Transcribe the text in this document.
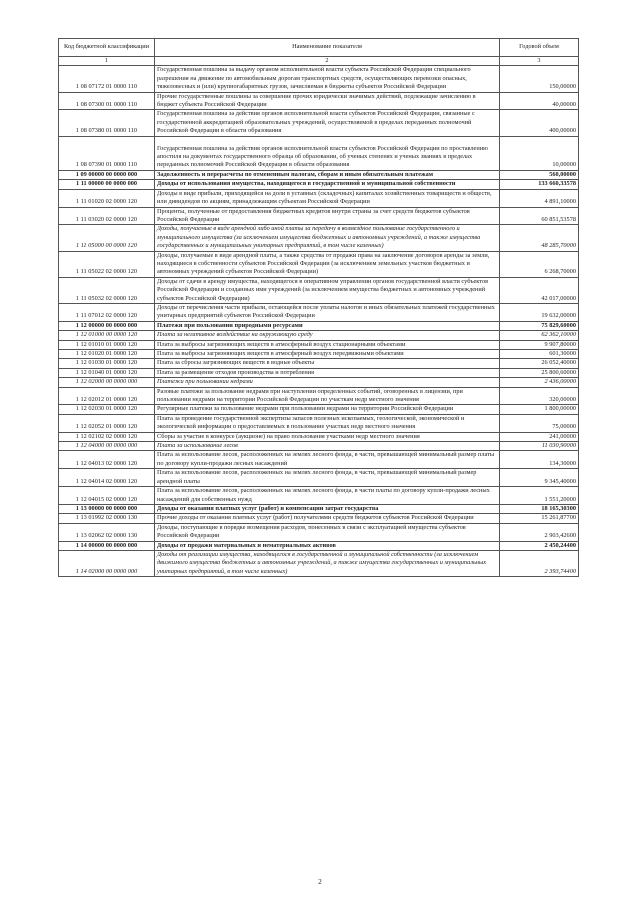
Код бюджетной классификации	Наименование показателя	Годовой объем
1	2	3
1 08 07172 01 0000 110	Государственная пошлина за выдачу органом исполнительной власти субъекта Российской Федерации специального разрешения на движение по автомобильным дорогам транспортных средств, осуществляющих перевозки опасных, тяжеловесных и (или) крупногабаритных грузов, зачисляемая в бюджеты субъектов Российской Федерации	150,00000
1 08 07300 01 0000 110	Прочие государственные пошлины за совершение прочих юридически значимых действий, подлежащие зачислению в бюджет субъекта Российской Федерации	40,00000
1 08 07380 01 0000 110	Государственная пошлина за действия органов исполнительной власти субъектов Российской Федерации, связанные с государственной аккредитацией образовательных учреждений, осуществляемой в пределах переданных полномочий Российской Федерации в области образования	400,00000
1 08 07390 01 0000 110	Государственная пошлина за действия органов исполнительной власти субъектов Российской Федерации по проставлению апостиля на документах государственного образца об образовании, об ученых степенях и ученых званиях в пределах переданных полномочий Российской Федерации в области образования	10,00000
1 09 00000 00 0000 000	Задолженность и перерасчеты по отмененным налогам, сборам и иным обязательным платежам	560,00000
1 11 00000 00 0000 000	Доходы от использования имущества, находящегося в государственной и муниципальной собственности	133 660,33578
1 11 01020 02 0000 120	Доходы в виде прибыли, приходящейся на доли в уставных (складочных) капиталах хозяйственных товариществ и обществ, или дивидендов по акциям, принадлежащим субъектам Российской Федерации	4 891,10000
1 11 03020 02 0000 120	Проценты, полученные от предоставления бюджетных кредитов внутри страны за счет средств бюджетов субъектов Российской Федерации	60 851,53578
1 11 05000 00 0000 120	Доходы, получаемые в виде арендной либо иной платы за передачу в возмездное пользование государственного и муниципального имущества (за исключением имущества бюджетных и автономных учреждений, а также имущества государственных и муниципальных унитарных предприятий, в том числе казенных)	48 285,70000
1 11 05022 02 0000 120	Доходы, получаемые в виде арендной платы, а также средства от продажи права на заключение договоров аренды за земли, находящиеся в собственности субъектов Российской Федерации (за исключением земельных участков бюджетных и автономных учреждений субъектов Российской Федерации)	6 268,70000
1 11 05032 02 0000 120	Доходы от сдачи в аренду имущества, находящегося в оперативном управлении органов государственной власти субъектов Российской Федерации и созданных ими учреждений (за исключением имущества бюджетных и автономных учреждений субъектов Российской Федерации)	42 017,00000
1 11 07012 02 0000 120	Доходы от перечисления части прибыли, остающейся после уплаты налогов и иных обязательных платежей государственных унитарных предприятий субъектов Российской Федерации	19 632,00000
1 12 00000 00 0000 000	Платежи при пользовании природными ресурсами	75 829,60000
1 12 01000 00 0000 120	Плата за негативное воздействие на окружающую среду	62 362,10000
1 12 01010 01 0000 120	Плата за выбросы загрязняющих веществ в атмосферный воздух стационарными объектами	9 907,80000
1 12 01020 01 0000 120	Плата за выбросы загрязняющих веществ в атмосферный воздух передвижными объектами	601,30000
1 12 01030 01 0000 120	Плата за сбросы загрязняющих веществ в водные объекты	26 052,40000
1 12 01040 01 0000 120	Плата за размещение отходов производства и потребления	25 800,60000
1 12 02000 00 0000 000	Платежи при пользовании недрами	2 436,00000
1 12 02012 01 0000 120	Разовые платежи за пользование недрами при наступлении определенных событий, оговоренных в лицензии, при пользовании недрами на территории Российской Федерации по участкам недр местного значения	320,00000
1 12 02030 01 0000 120	Регулярные платежи за пользование недрами при пользовании недрами на территории Российской Федерации	1 800,00000
1 12 02052 01 0000 120	Плата за проведение государственной экспертизы запасов полезных ископаемых, геологической, экономической и экологической информации о предоставляемых в пользование участках недр местного значения	75,00000
1 12 02102 02 0000 120	Сборы за участие в конкурсе (аукционе) на право пользования участками недр местного значения	241,00000
1 12 04000 00 0000 000	Плата за использование лесов	11 030,90000
1 12 04013 02 0000 120	Плата за использование лесов, расположенных на землях лесного фонда, в части, превышающей минимальный размер платы по договору купли-продажи лесных насаждений	134,30000
1 12 04014 02 0000 120	Плата за использование лесов, расположенных на землях лесного фонда, в части, превышающей минимальный размер арендной платы	9 345,40000
1 12 04015 02 0000 120	Плата за использование лесов, расположенных на землях лесного фонда, в части платы по договору купли-продажи лесных насаждений для собственных нужд	1 551,20000
1 13 00000 00 0000 000	Доходы от оказания платных услуг (работ) и компенсации затрат государства	18 165,30300
1 13 01992 02 0000 130	Прочие доходы от оказания платных услуг (работ) получателями средств бюджетов субъектов Российской Федерации	15 261,87700
1 13 02062 02 0000 130	Доходы, поступающие в порядке возмещения расходов, понесенных в связи с эксплуатацией имущества субъектов Российской Федерации	2 903,42600
1 14 00000 00 0000 000	Доходы от продажи материальных и нематериальных активов	2 450,24400
1 14 02000 00 0000 000	Доходы от реализации имущества, находящегося в государственной и муниципальной собственности (за исключением движимого имущества бюджетных и автономных учреждений, а также имущества государственных и муниципальных унитарных предприятий, в том числе казенных)	2 393,74400
2
